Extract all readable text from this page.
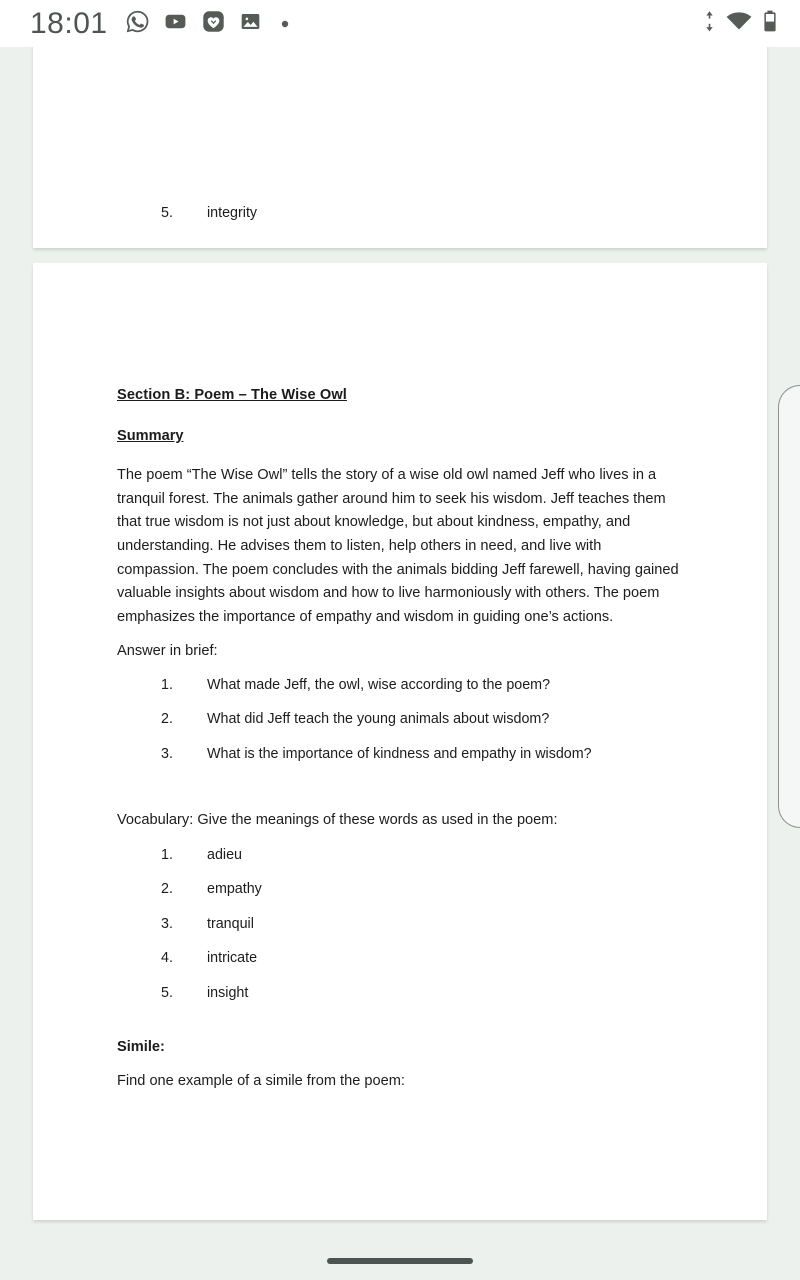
5.	integrity
Section B: Poem – The Wise Owl
Summary

The poem “The Wise Owl” tells the story of a wise old owl named Jeff who lives in a tranquil forest. The animals gather around him to seek his wisdom. Jeff teaches them that true wisdom is not just about knowledge, but about kindness, empathy, and understanding. He advises them to listen, help others in need, and live with compassion. The poem concludes with the animals bidding Jeff farewell, having gained valuable insights about wisdom and how to live harmoniously with others. The poem emphasizes the importance of empathy and wisdom in guiding one’s actions.

Answer in brief:
1.	What made Jeff, the owl, wise according to the poem?
2.	What did Jeff teach the young animals about wisdom?
3.	What is the importance of kindness and empathy in wisdom?
Vocabulary: Give the meanings of these words as used in the poem:
1.	adieu
2.	empathy
3.	tranquil
4.	intricate
5.	insight
Simile:
Find one example of a simile from the poem:
18:01
